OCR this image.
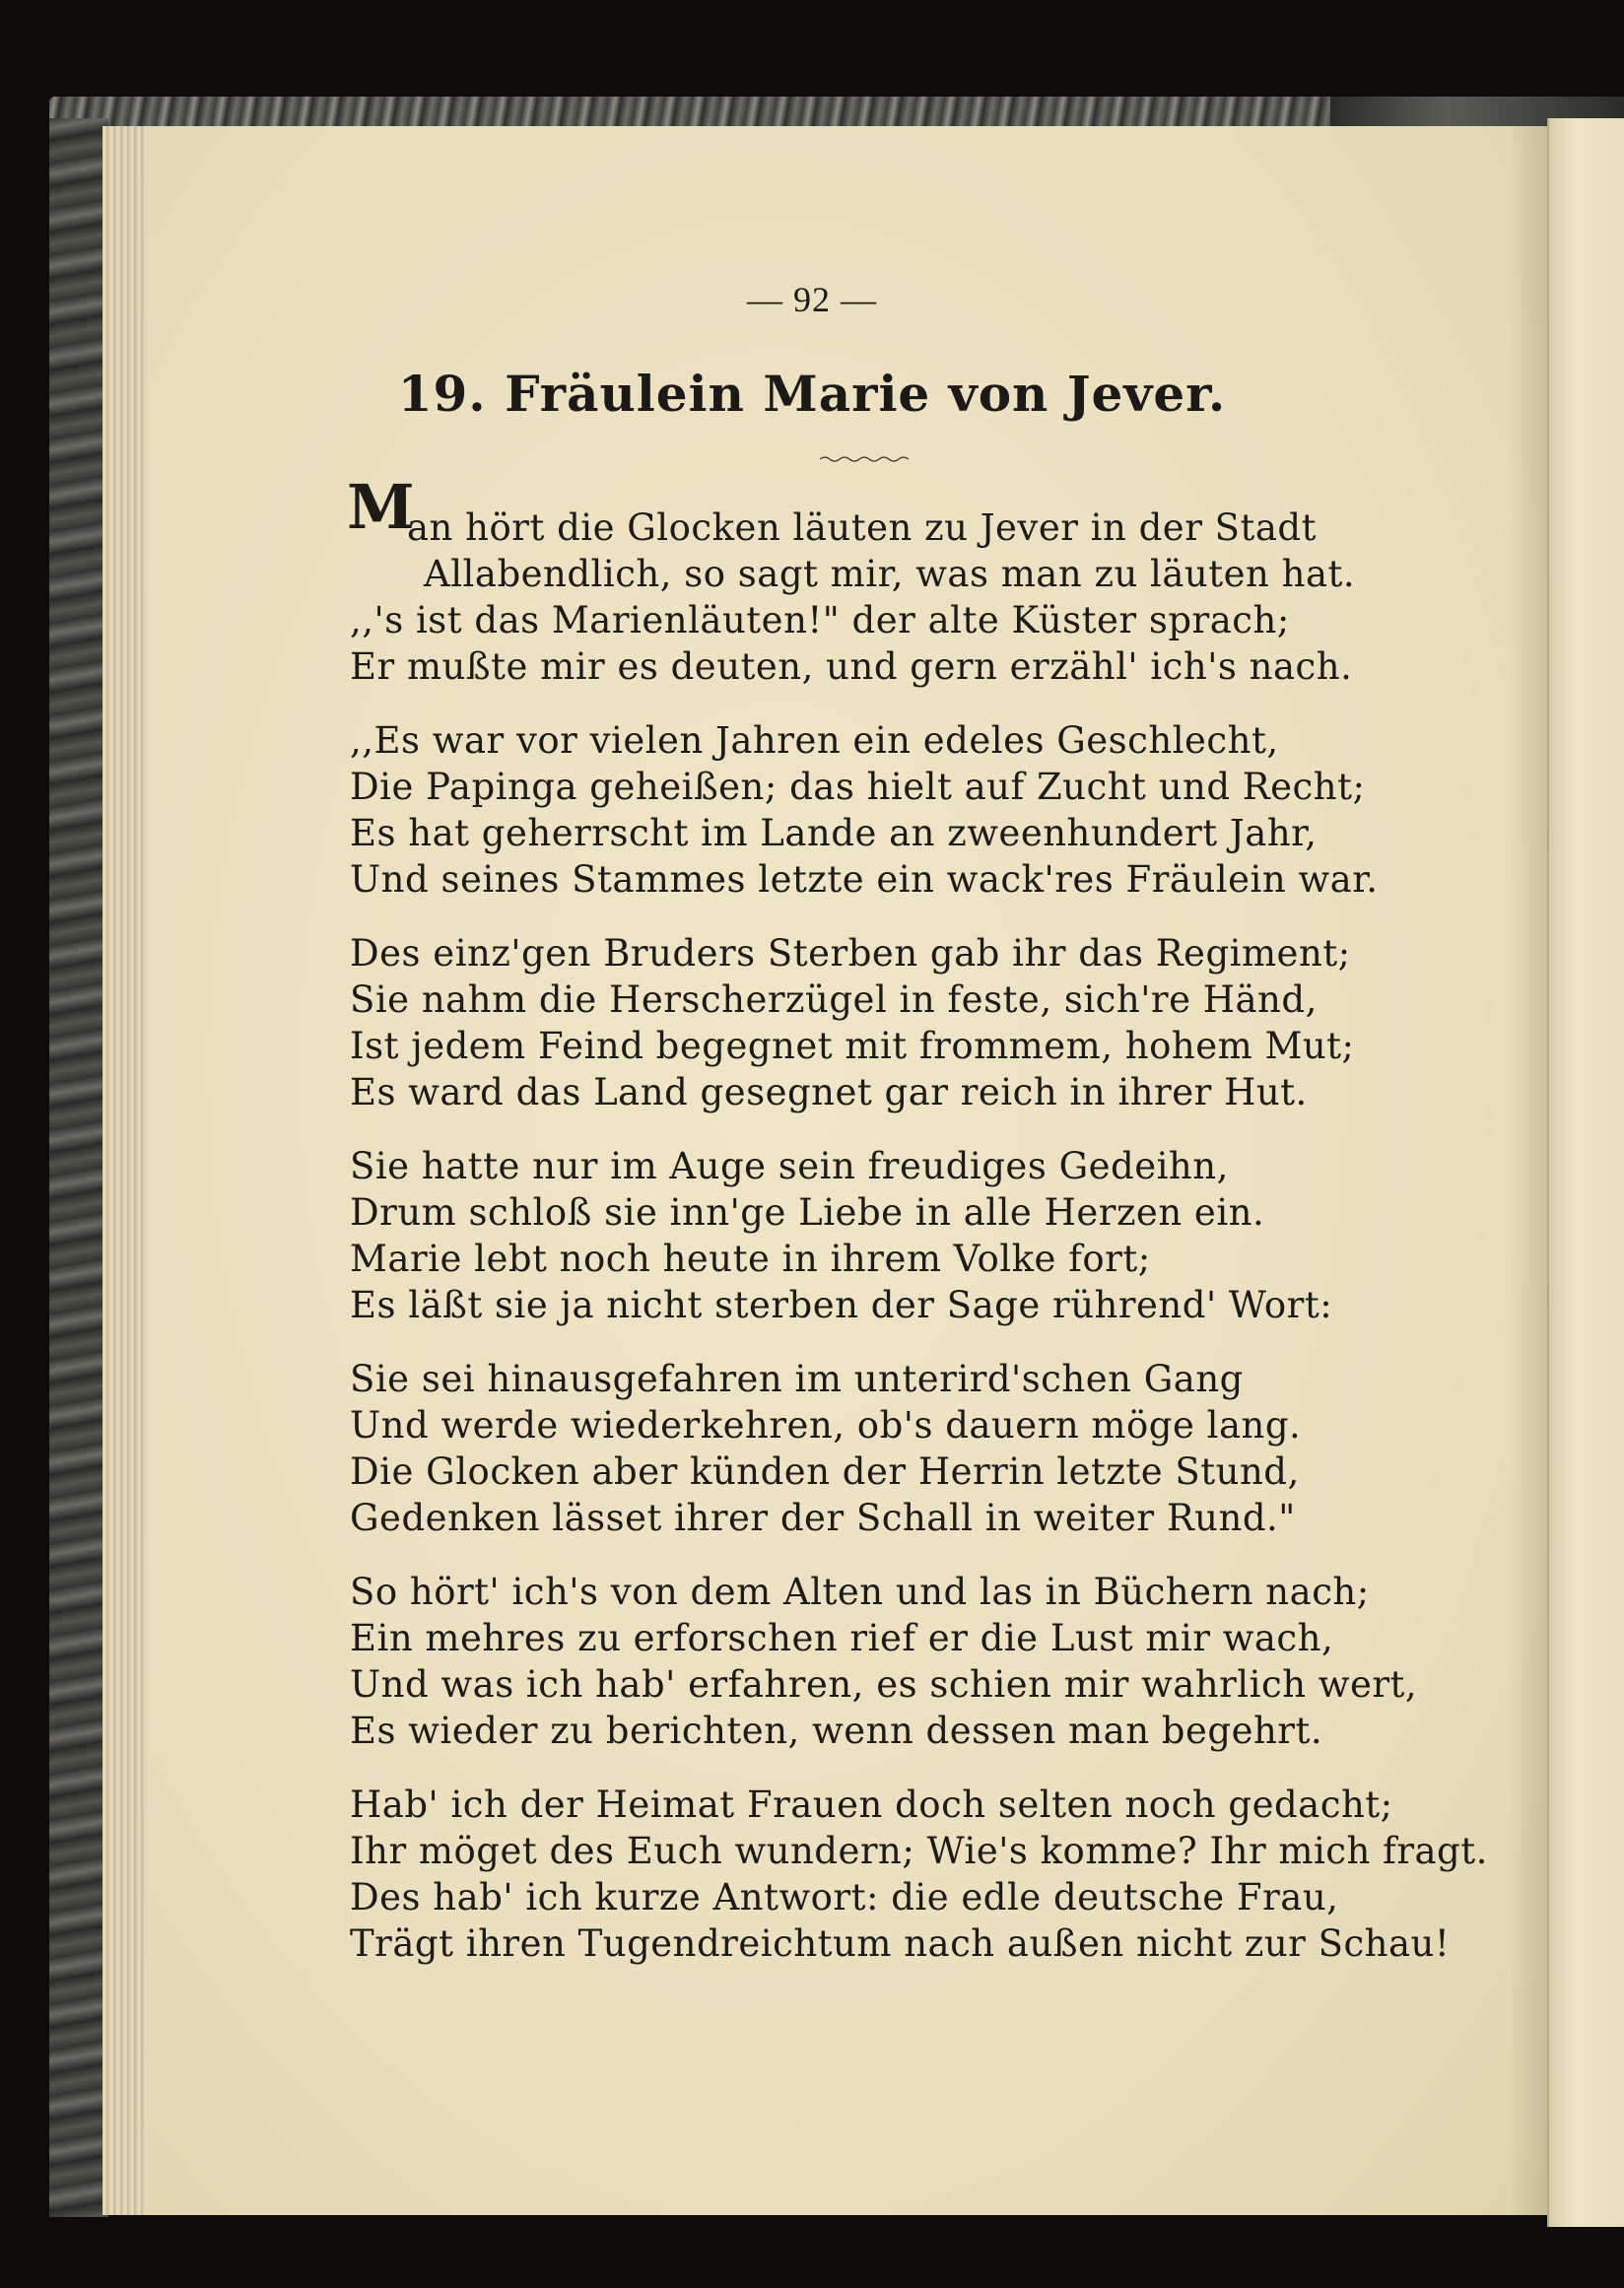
— 92 —
19. Fräulein Marie von Jever.
M
an hört die Glocken läuten zu Jever in der Stadt
Allabendlich, so sagt mir, was man zu läuten hat.
,,'s ist das Marienläuten!" der alte Küster sprach;
Er mußte mir es deuten, und gern erzähl' ich's nach.
,,Es war vor vielen Jahren ein edeles Geschlecht,
Die Papinga geheißen; das hielt auf Zucht und Recht;
Es hat geherrscht im Lande an zweenhundert Jahr,
Und seines Stammes letzte ein wack'res Fräulein war.
Des einz'gen Bruders Sterben gab ihr das Regiment;
Sie nahm die Herscherzügel in feste, sich're Händ,
Ist jedem Feind begegnet mit frommem, hohem Mut;
Es ward das Land gesegnet gar reich in ihrer Hut.
Sie hatte nur im Auge sein freudiges Gedeihn,
Drum schloß sie inn'ge Liebe in alle Herzen ein.
Marie lebt noch heute in ihrem Volke fort;
Es läßt sie ja nicht sterben der Sage rührend' Wort:
Sie sei hinausgefahren im unterird'schen Gang
Und werde wiederkehren, ob's dauern möge lang.
Die Glocken aber künden der Herrin letzte Stund,
Gedenken lässet ihrer der Schall in weiter Rund."
So hört' ich's von dem Alten und las in Büchern nach;
Ein mehres zu erforschen rief er die Lust mir wach,
Und was ich hab' erfahren, es schien mir wahrlich wert,
Es wieder zu berichten, wenn dessen man begehrt.
Hab' ich der Heimat Frauen doch selten noch gedacht;
Ihr möget des Euch wundern; Wie's komme? Ihr mich fragt.
Des hab' ich kurze Antwort: die edle deutsche Frau,
Trägt ihren Tugendreichtum nach außen nicht zur Schau!
